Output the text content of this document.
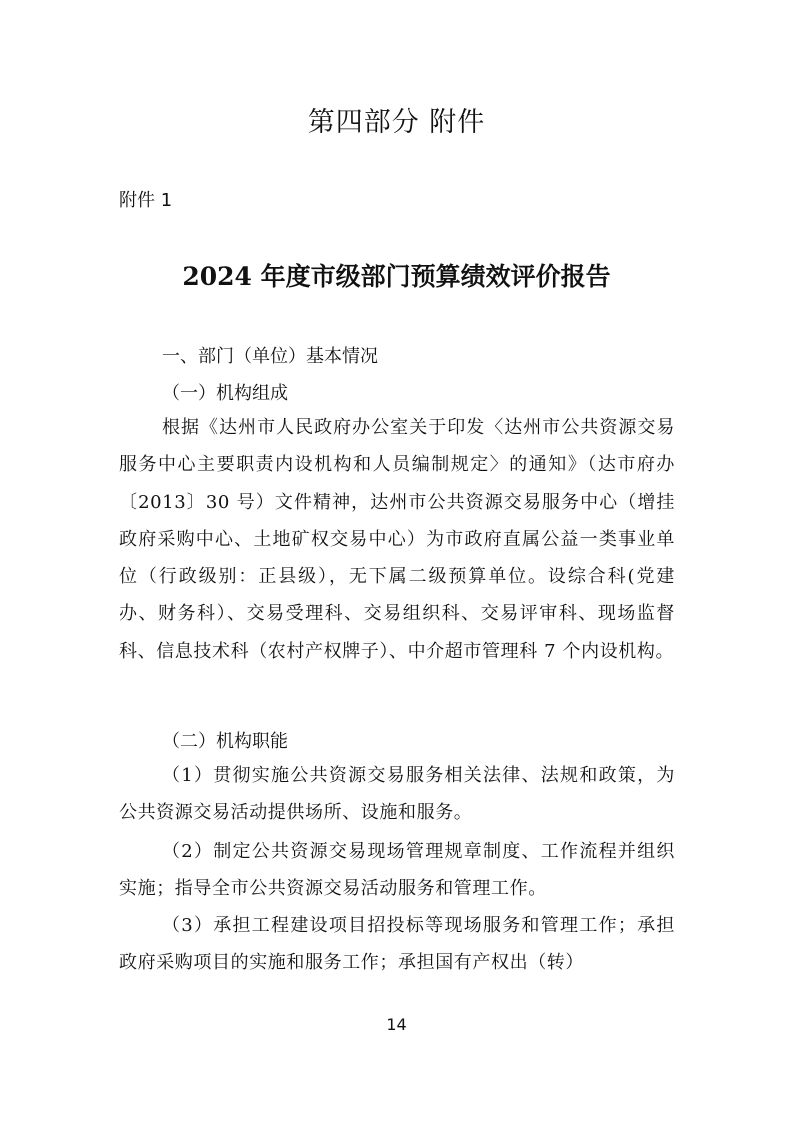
第四部分 附件
附件 1
2024 年度市级部门预算绩效评价报告
一、部门（单位）基本情况
（一）机构组成
根据《达州市人民政府办公室关于印发〈达州市公共资源交易服务中心主要职责内设机构和人员编制规定〉的通知》（达市府办〔2013〕30 号）文件精神，达州市公共资源交易服务中心（增挂政府采购中心、土地矿权交易中心）为市政府直属公益一类事业单位（行政级别：正县级），无下属二级预算单位。设综合科(党建办、财务科）、交易受理科、交易组织科、交易评审科、现场监督科、信息技术科（农村产权牌子）、中介超市管理科 7 个内设机构。
（二）机构职能
（1）贯彻实施公共资源交易服务相关法律、法规和政策，为公共资源交易活动提供场所、设施和服务。
（2）制定公共资源交易现场管理规章制度、工作流程并组织实施；指导全市公共资源交易活动服务和管理工作。
（3）承担工程建设项目招投标等现场服务和管理工作；承担政府采购项目的实施和服务工作；承担国有产权出（转）
14
